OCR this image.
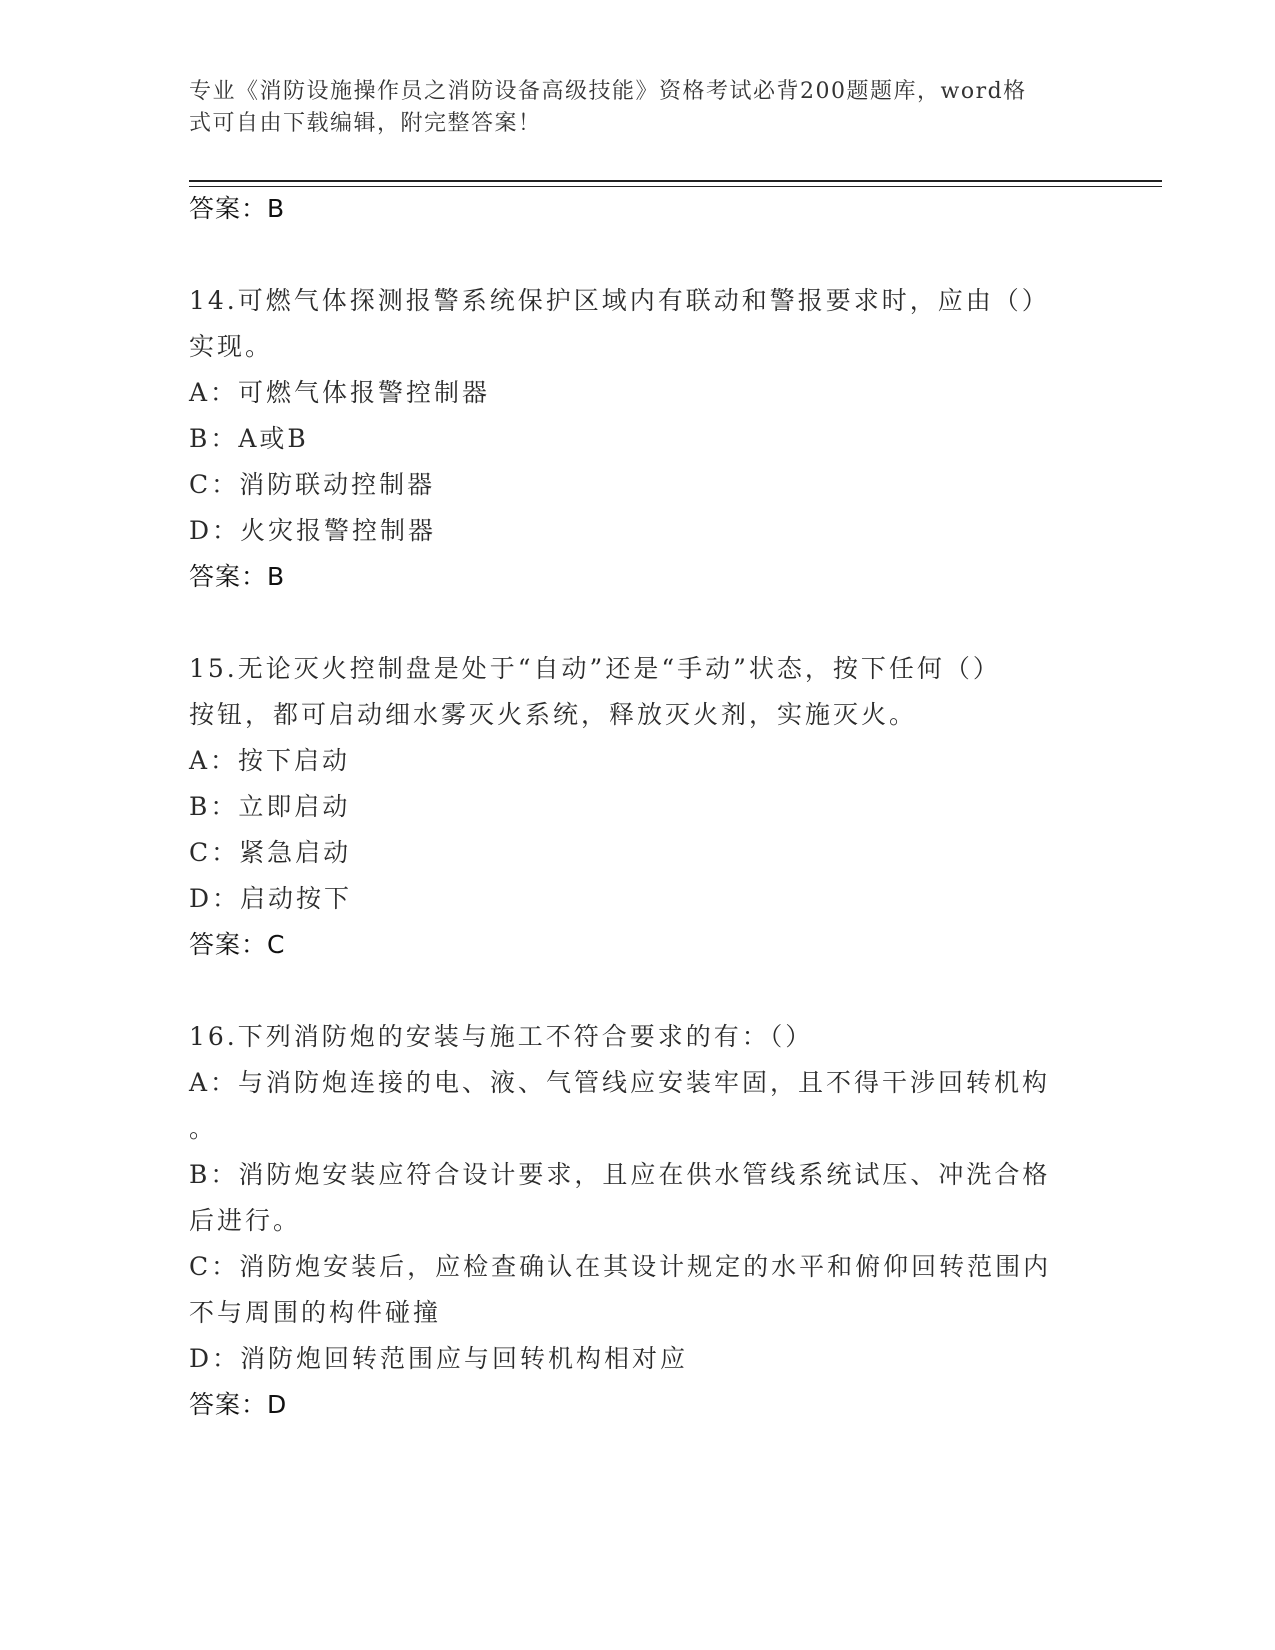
专业《消防设施操作员之消防设备高级技能》资格考试必背200题题库，word格
式可自由下载编辑，附完整答案！
答案：B
14.可燃气体探测报警系统保护区域内有联动和警报要求时，应由（）
实现。
A：可燃气体报警控制器
B：A或B
C：消防联动控制器
D：火灾报警控制器
答案：B
15.无论灭火控制盘是处于“自动”还是“手动”状态，按下任何（）
按钮，都可启动细水雾灭火系统，释放灭火剂，实施灭火。
A：按下启动
B：立即启动
C：紧急启动
D：启动按下
答案：C
16.下列消防炮的安装与施工不符合要求的有：（）
A：与消防炮连接的电、液、气管线应安装牢固，且不得干涉回转机构
。
B：消防炮安装应符合设计要求，且应在供水管线系统试压、冲洗合格
后进行。
C：消防炮安装后，应检查确认在其设计规定的水平和俯仰回转范围内
不与周围的构件碰撞
D：消防炮回转范围应与回转机构相对应
答案：D
